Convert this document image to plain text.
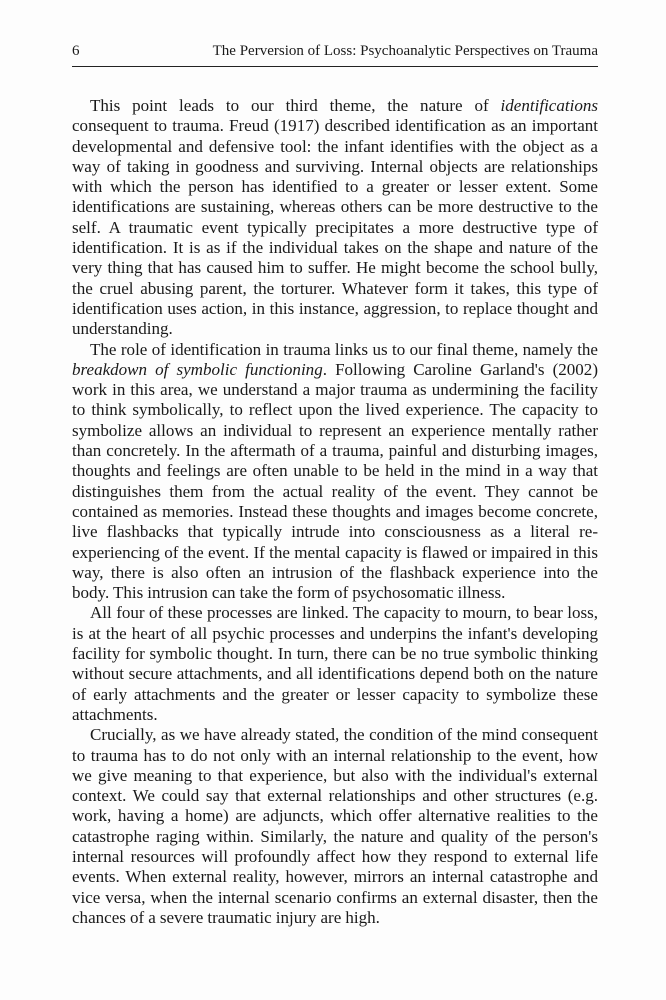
6	The Perversion of Loss: Psychoanalytic Perspectives on Trauma

This point leads to our third theme, the nature of identifications consequent to trauma. Freud (1917) described identification as an important developmental and defensive tool: the infant identifies with the object as a way of taking in goodness and surviving. Internal objects are relationships with which the person has identified to a greater or lesser extent. Some identifications are sustaining, whereas others can be more destructive to the self. A traumatic event typically precipitates a more destructive type of identification. It is as if the individual takes on the shape and nature of the very thing that has caused him to suffer. He might become the school bully, the cruel abusing parent, the torturer. Whatever form it takes, this type of identification uses action, in this instance, aggression, to replace thought and understanding.

The role of identification in trauma links us to our final theme, namely the breakdown of symbolic functioning. Following Caroline Garland's (2002) work in this area, we understand a major trauma as undermining the facility to think symbolically, to reflect upon the lived experience. The capacity to symbolize allows an individual to represent an experience mentally rather than concretely. In the aftermath of a trauma, painful and disturbing images, thoughts and feelings are often unable to be held in the mind in a way that distinguishes them from the actual reality of the event. They cannot be contained as memories. Instead these thoughts and images become concrete, live flashbacks that typically intrude into consciousness as a literal re-experiencing of the event. If the mental capacity is flawed or impaired in this way, there is also often an intrusion of the flashback experience into the body. This intrusion can take the form of psychosomatic illness.

All four of these processes are linked. The capacity to mourn, to bear loss, is at the heart of all psychic processes and underpins the infant's developing facility for symbolic thought. In turn, there can be no true symbolic thinking without secure attachments, and all identifications depend both on the nature of early attachments and the greater or lesser capacity to symbolize these attachments.

Crucially, as we have already stated, the condition of the mind consequent to trauma has to do not only with an internal relationship to the event, how we give meaning to that experience, but also with the individual's external context. We could say that external relationships and other structures (e.g. work, having a home) are adjuncts, which offer alternative realities to the catastrophe raging within. Similarly, the nature and quality of the person's internal resources will profoundly affect how they respond to external life events. When external reality, however, mirrors an internal catastrophe and vice versa, when the internal scenario confirms an external disaster, then the chances of a severe traumatic injury are high.
